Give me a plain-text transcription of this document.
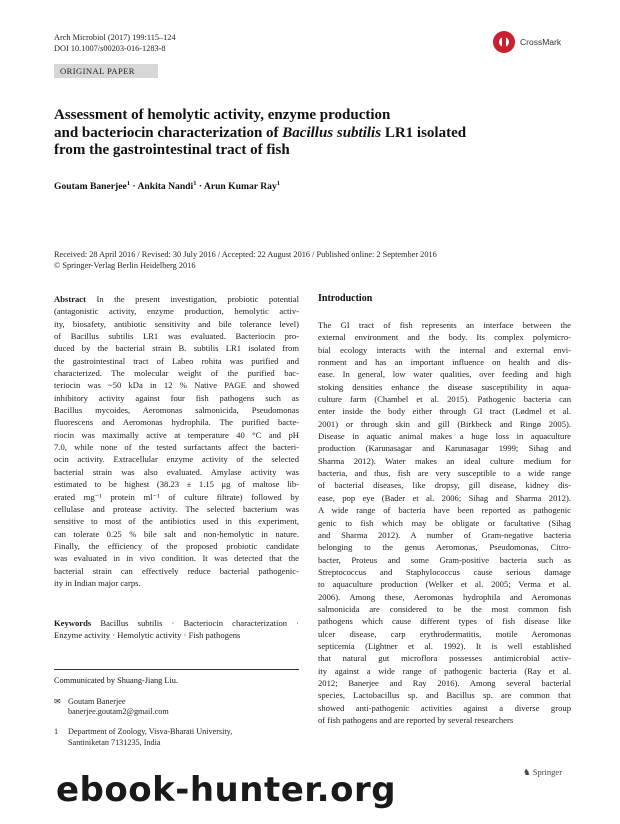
Arch Microbiol (2017) 199:115–124
DOI 10.1007/s00203-016-1283-8
CrossMark
ORIGINAL PAPER
Assessment of hemolytic activity, enzyme production
and bacteriocin characterization of Bacillus subtilis LR1 isolated
from the gastrointestinal tract of fish
Goutam Banerjee$^1$ · Ankita Nandi$^1$ · Arun Kumar Ray$^1$
Received: 28 April 2016 / Revised: 30 July 2016 / Accepted: 22 August 2016 / Published online: 2 September 2016
© Springer-Verlag Berlin Heidelberg 2016
Abstract In the present investigation, probiotic potential
(antagonistic activity, enzyme production, hemolytic activ-
ity, biosafety, antibiotic sensitivity and bile tolerance level)
of Bacillus subtilis LR1 was evaluated. Bacteriocin pro-
duced by the bacterial strain B. subtilis LR1 isolated from
the gastrointestinal tract of Labeo rohita was purified and
characterized. The molecular weight of the purified bac-
teriocin was ~50 kDa in 12 % Native PAGE and showed
inhibitory activity against four fish pathogens such as
Bacillus mycoides, Aeromonas salmonicida, Pseudomonas
fluorescens and Aeromonas hydrophila. The purified bacte-
riocin was maximally active at temperature 40 °C and pH
7.0, while none of the tested surfactants affect the bacteri-
ocin activity. Extracellular enzyme activity of the selected
bacterial strain was also evaluated. Amylase activity was
estimated to be highest (38.23 ± 1.15 μg of maltose lib-
erated mg⁻¹ protein ml⁻¹ of culture filtrate) followed by
cellulase and protease activity. The selected bacterium was
sensitive to most of the antibiotics used in this experiment,
can tolerate 0.25 % bile salt and non-hemolytic in nature.
Finally, the efficiency of the proposed probiotic candidate
was evaluated in in vivo condition. It was detected that the
bacterial strain can effectively reduce bacterial pathogenic-
ity in Indian major carps.
Keywords Bacillus subtilis · Bacteriocin characterization ·
Enzyme activity · Hemolytic activity · Fish pathogens
Communicated by Shuang-Jiang Liu.
✉ Goutam Banerjee
banerjee.goutam2@gmail.com
1 Department of Zoology, Visva-Bharati University,
Santiniketan 7131235, India
Introduction
The GI tract of fish represents an interface between the
external environment and the body. Its complex polymicro-
bial ecology interacts with the internal and external envi-
ronment and has an important influence on health and dis-
ease. In general, low water qualities, over feeding and high
stoking densities enhance the disease susceptibility in aqua-
culture farm (Chambel et al. 2015). Pathogenic bacteria can
enter inside the body either through GI tract (Lødmel et al.
2001) or through skin and gill (Birkbeck and Ringø 2005).
Disease in aquatic animal makes a huge loss in aquaculture
production (Karunasagar and Karunasagar 1999; Sihag and
Sharma 2012). Water makes an ideal culture medium for
bacteria, and thus, fish are very susceptible to a wide range
of bacterial diseases, like dropsy, gill disease, kidney dis-
ease, pop eye (Bader et al. 2006; Sihag and Sharma 2012).
A wide range of bacteria have been reported as pathogenic
genic to fish which may be obligate or facultative (Sihag
and Sharma 2012). A number of Gram-negative bacteria
belonging to the genus Aeromonas, Pseudomonas, Citro-
bacter, Proteus and some Gram-positive bacteria such as
Streptococcus and Staphylococcus cause serious damage
to aquaculture production (Welker et al. 2005; Verma et al.
2006). Among these, Aeromonas hydrophila and Aeromonas
salmonicida are considered to be the most common fish
pathogens which cause different types of fish disease like
ulcer disease, carp erythrodermatitis, motile Aeromonas
septicemia (Lightner et al. 1992). It is well established
that natural gut microflora possesses antimicrobial activ-
ity against a wide range of pathogenic bacteria (Ray et al.
2012; Banerjee and Ray 2016). Among several bacterial
species, Lactobacillus sp. and Bacillus sp. are common that
showed anti-pathogenic activities against a diverse group
of fish pathogens and are reported by several researchers
♞ Springer
ebook-hunter.org
